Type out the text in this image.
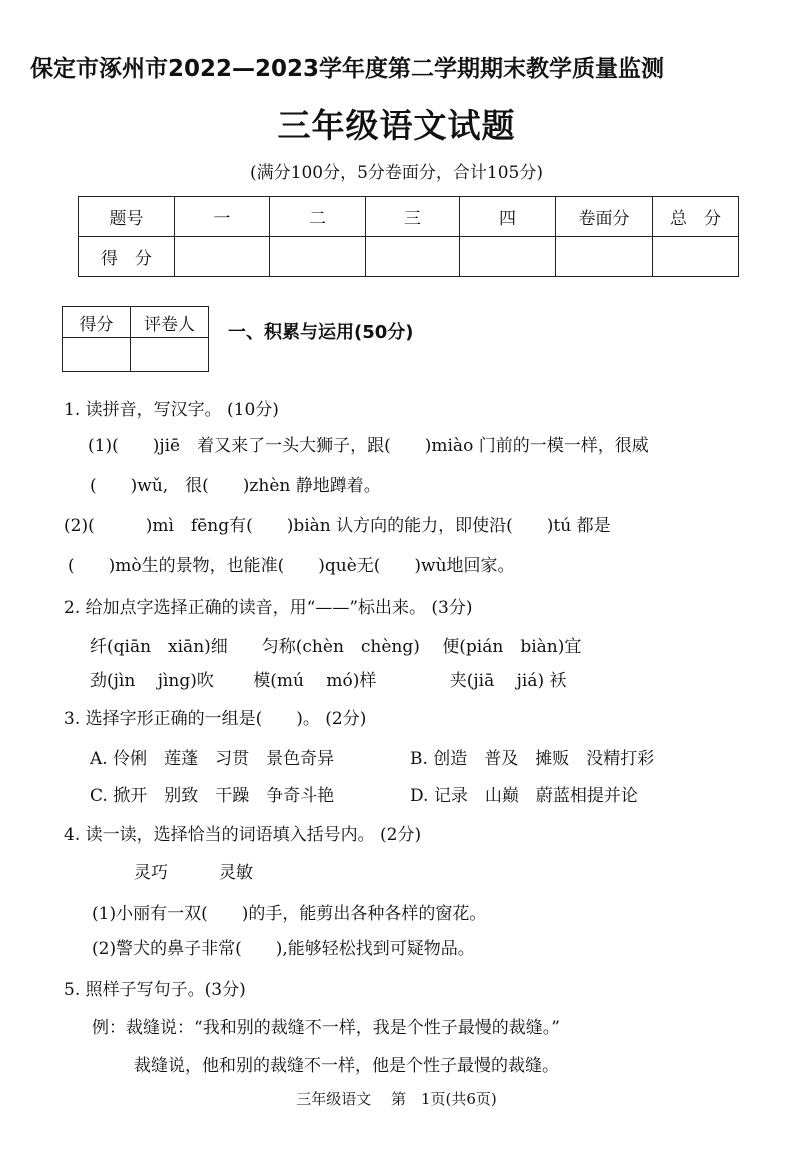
保定市涿州市2022—2023学年度第二学期期末教学质量监测
三年级语文试题
(满分100分，5分卷面分，合计105分)
题号	一	二	三	四	卷面分	总　分
得　分						
得分	评卷人
	一、积累与运用(50分)
1. 读拼音，写汉字。 (10分)
(1)(　　)jiē　着又来了一头大狮子，跟(　　)miào 门前的一模一样，很威
(　　)wǔ,　很(　　)zhèn 静地蹲着。
(2)(　　　)mì　fēng有(　　)biàn 认方向的能力，即使沿(　　)tú 都是
(　　)mò生的景物，也能准(　　)què无(　　)wù地回家。
2. 给加点字选择正确的读音，用“——”标出来。 (3分)
纤(qiān　xiān)细　　匀称(chèn　chèng)　 便(pián　biàn)宜
劲(jìn　 jìng)吹　　 模(mú　 mó)样　　　　 夹(jiā　 jiá) 袄
3. 选择字形正确的一组是(　　)。 (2分)
A. 伶俐　莲蓬　习贯　景色奇异	B. 创造　普及　摊贩　没精打彩
C. 掀开　别致　干躁　争奇斗艳	D. 记录　山巅　蔚蓝相提并论
4. 读一读，选择恰当的词语填入括号内。 (2分)
灵巧　　　灵敏
(1)小丽有一双(　　)的手，能剪出各种各样的窗花。
(2)警犬的鼻子非常(　　),能够轻松找到可疑物品。
5. 照样子写句子。(3分)
例：裁缝说：“我和别的裁缝不一样，我是个性子最慢的裁缝。”
裁缝说，他和别的裁缝不一样，他是个性子最慢的裁缝。
三年级语文　 第　1页(共6页)
